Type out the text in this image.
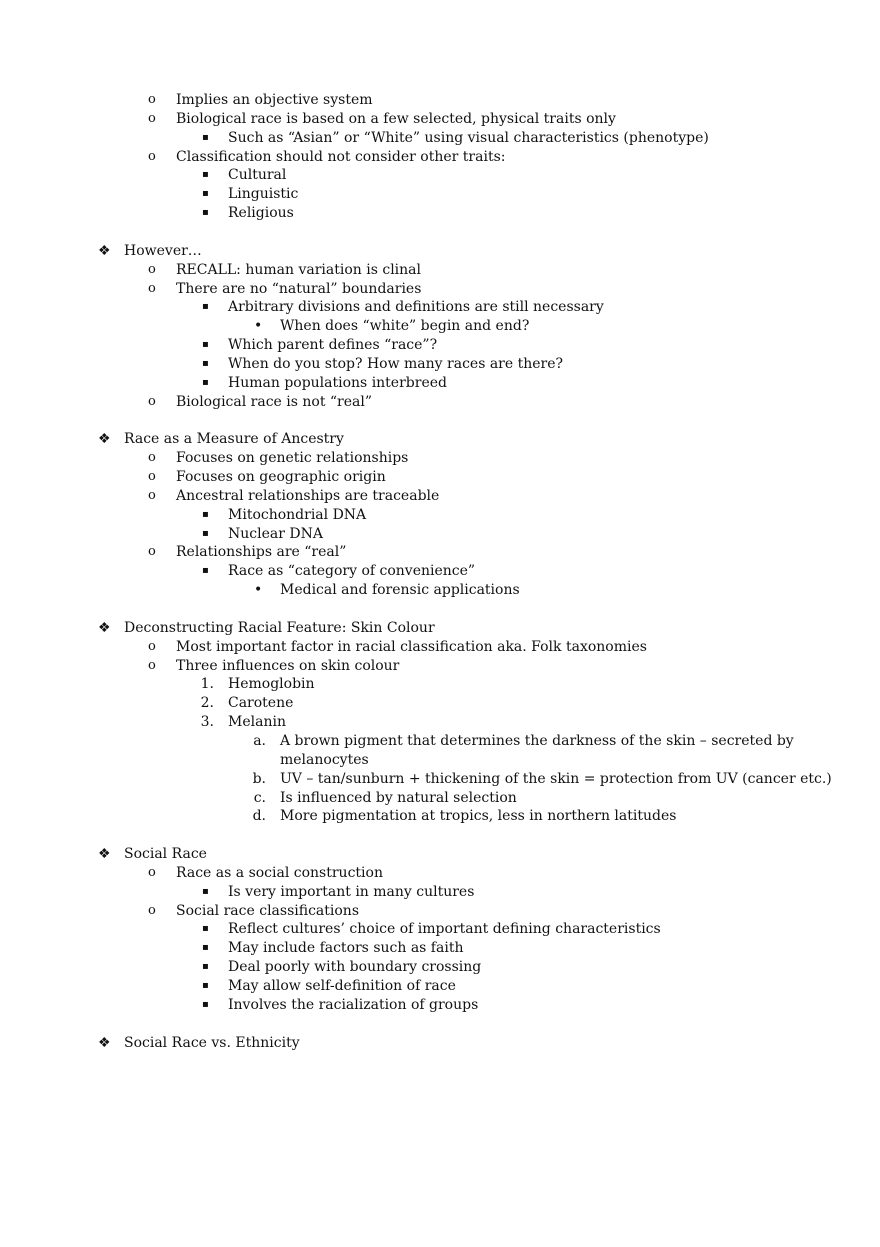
o	Implies an objective system
o	Biological race is based on a few selected, physical traits only
▪	Such as “Asian” or “White” using visual characteristics (phenotype)
o	Classification should not consider other traits:
▪	Cultural
▪	Linguistic
▪	Religious
❖ However…
o	RECALL: human variation is clinal
o	There are no “natural” boundaries
▪	Arbitrary divisions and definitions are still necessary
•	When does “white” begin and end?
▪	Which parent defines “race”?
▪	When do you stop? How many races are there?
▪	Human populations interbreed
o	Biological race is not “real”
❖ Race as a Measure of Ancestry
o	Focuses on genetic relationships
o	Focuses on geographic origin
o	Ancestral relationships are traceable
▪	Mitochondrial DNA
▪	Nuclear DNA
o	Relationships are “real”
▪	Race as “category of convenience”
•	Medical and forensic applications
❖ Deconstructing Racial Feature: Skin Colour
o	Most important factor in racial classification aka. Folk taxonomies
o	Three influences on skin colour
1. Hemoglobin
2. Carotene
3. Melanin
a. A brown pigment that determines the darkness of the skin – secreted by
melanocytes
b. UV – tan/sunburn + thickening of the skin = protection from UV (cancer etc.)
c. Is influenced by natural selection
d. More pigmentation at tropics, less in northern latitudes
❖ Social Race
o	Race as a social construction
▪	Is very important in many cultures
o	Social race classifications
▪	Reflect cultures’ choice of important defining characteristics
▪	May include factors such as faith
▪	Deal poorly with boundary crossing
▪	May allow self-definition of race
▪	Involves the racialization of groups
❖ Social Race vs. Ethnicity
